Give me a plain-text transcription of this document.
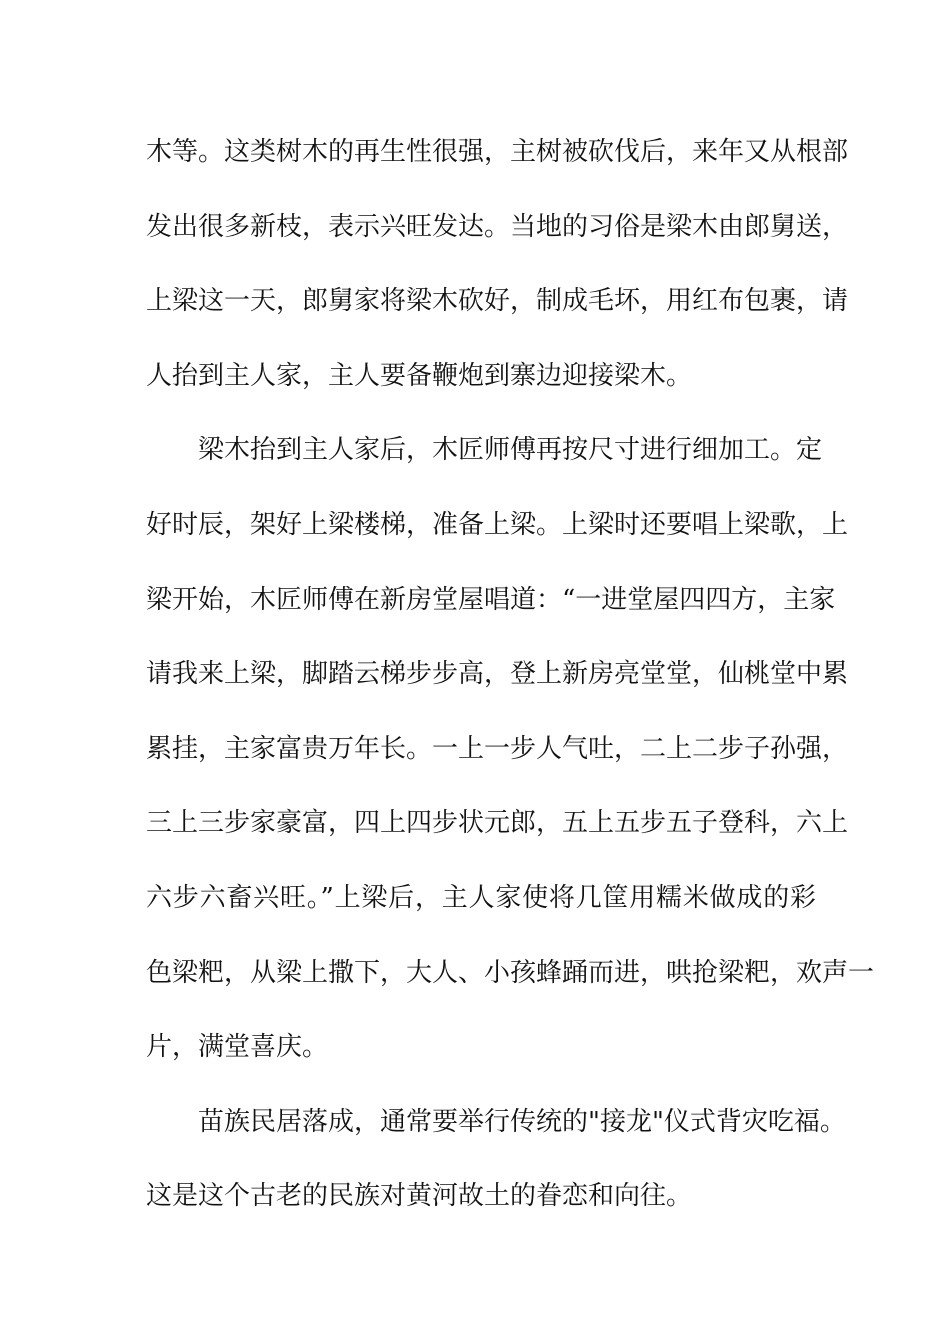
木等。这类树木的再生性很强，主树被砍伐后，来年又从根部
发出很多新枝，表示兴旺发达。当地的习俗是梁木由郎舅送，
上梁这一天，郎舅家将梁木砍好，制成毛坏，用红布包裹，请
人抬到主人家，主人要备鞭炮到寨边迎接梁木。
梁木抬到主人家后，木匠师傅再按尺寸进行细加工。定
好时辰，架好上梁楼梯，准备上梁。上梁时还要唱上梁歌，上
梁开始，木匠师傅在新房堂屋唱道：“一进堂屋四四方，主家
请我来上梁，脚踏云梯步步高，登上新房亮堂堂，仙桃堂中累
累挂，主家富贵万年长。一上一步人气吐，二上二步子孙强，
三上三步家豪富，四上四步状元郎，五上五步五子登科，六上
六步六畜兴旺。”上梁后，主人家使将几筐用糯米做成的彩
色梁粑，从梁上撒下，大人、小孩蜂踊而进，哄抢梁粑，欢声一
片，满堂喜庆。
苗族民居落成，通常要举行传统的"接龙"仪式背灾吃福。
这是这个古老的民族对黄河故土的眷恋和向往。
